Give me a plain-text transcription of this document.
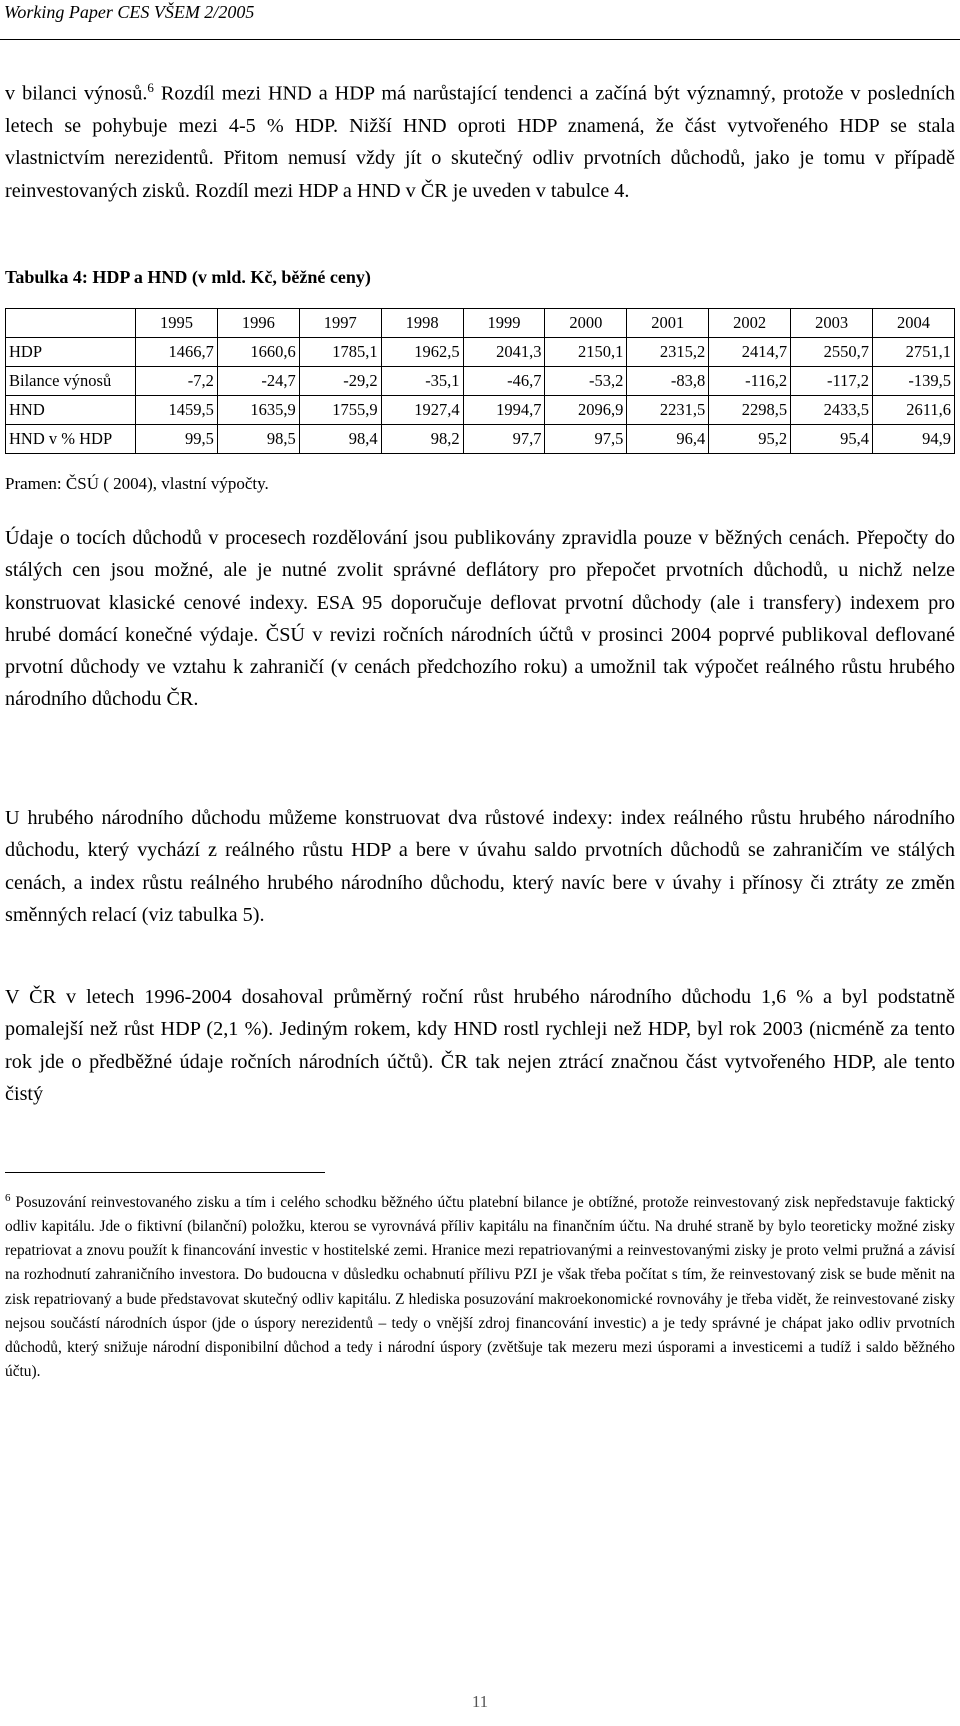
Working Paper CES VŠEM 2/2005
v bilanci výnosů.$^6$ Rozdíl mezi HND a HDP má narůstající tendenci a začíná být významný, protože v posledních letech se pohybuje mezi 4-5 % HDP. Nižší HND oproti HDP znamená, že část vytvořeného HDP se stala vlastnictvím nerezidentů. Přitom nemusí vždy jít o skutečný odliv prvotních důchodů, jako je tomu v případě reinvestovaných zisků. Rozdíl mezi HDP a HND v ČR je uveden v tabulce 4.
Tabulka 4: HDP a HND (v mld. Kč, běžné ceny)
	1995	1996	1997	1998	1999	2000	2001	2002	2003	2004
HDP	1466,7	1660,6	1785,1	1962,5	2041,3	2150,1	2315,2	2414,7	2550,7	2751,1
Bilance výnosů	-7,2	-24,7	-29,2	-35,1	-46,7	-53,2	-83,8	-116,2	-117,2	-139,5
HND	1459,5	1635,9	1755,9	1927,4	1994,7	2096,9	2231,5	2298,5	2433,5	2611,6
HND v % HDP	99,5	98,5	98,4	98,2	97,7	97,5	96,4	95,2	95,4	94,9
Pramen: ČSÚ ( 2004), vlastní výpočty.
Údaje o tocích důchodů v procesech rozdělování jsou publikovány zpravidla pouze v běžných cenách. Přepočty do stálých cen jsou možné, ale je nutné zvolit správné deflátory pro přepočet prvotních důchodů, u nichž nelze konstruovat klasické cenové indexy. ESA 95 doporučuje deflovat prvotní důchody (ale i transfery) indexem pro hrubé domácí konečné výdaje. ČSÚ v revizi ročních národních účtů v prosinci 2004 poprvé publikoval deflované prvotní důchody ve vztahu k zahraničí (v cenách předchozího roku) a umožnil tak výpočet reálného růstu hrubého národního důchodu ČR.
U hrubého národního důchodu můžeme konstruovat dva růstové indexy: index reálného růstu hrubého národního důchodu, který vychází z reálného růstu HDP a bere v úvahu saldo prvotních důchodů se zahraničím ve stálých cenách, a index růstu reálného hrubého národního důchodu, který navíc bere v úvahy i přínosy či ztráty ze změn směnných relací (viz tabulka 5).
V ČR v letech 1996-2004 dosahoval průměrný roční růst hrubého národního důchodu 1,6 % a byl podstatně pomalejší než růst HDP (2,1 %). Jediným rokem, kdy HND rostl rychleji než HDP, byl rok 2003 (nicméně za tento rok jde o předběžné údaje ročních národních účtů). ČR tak nejen ztrácí značnou část vytvořeného HDP, ale tento čistý
$^6$ Posuzování reinvestovaného zisku a tím i celého schodku běžného účtu platební bilance je obtížné, protože reinvestovaný zisk nepředstavuje faktický odliv kapitálu. Jde o fiktivní (bilanční) položku, kterou se vyrovnává příliv kapitálu na finančním účtu. Na druhé straně by bylo teoreticky možné zisky repatriovat a znovu použít k financování investic v hostitelské zemi. Hranice mezi repatriovanými a reinvestovanými zisky je proto velmi pružná a závisí na rozhodnutí zahraničního investora. Do budoucna v důsledku ochabnutí přílivu PZI je však třeba počítat s tím, že reinvestovaný zisk se bude měnit na zisk repatriovaný a bude představovat skutečný odliv kapitálu. Z hlediska posuzování makroekonomické rovnováhy je třeba vidět, že reinvestované zisky nejsou součástí národních úspor (jde o úspory nerezidentů – tedy o vnější zdroj financování investic) a je tedy správné je chápat jako odliv prvotních důchodů, který snižuje národní disponibilní důchod a tedy i národní úspory (zvětšuje tak mezeru mezi úsporami a investicemi a tudíž i saldo běžného účtu).
11
